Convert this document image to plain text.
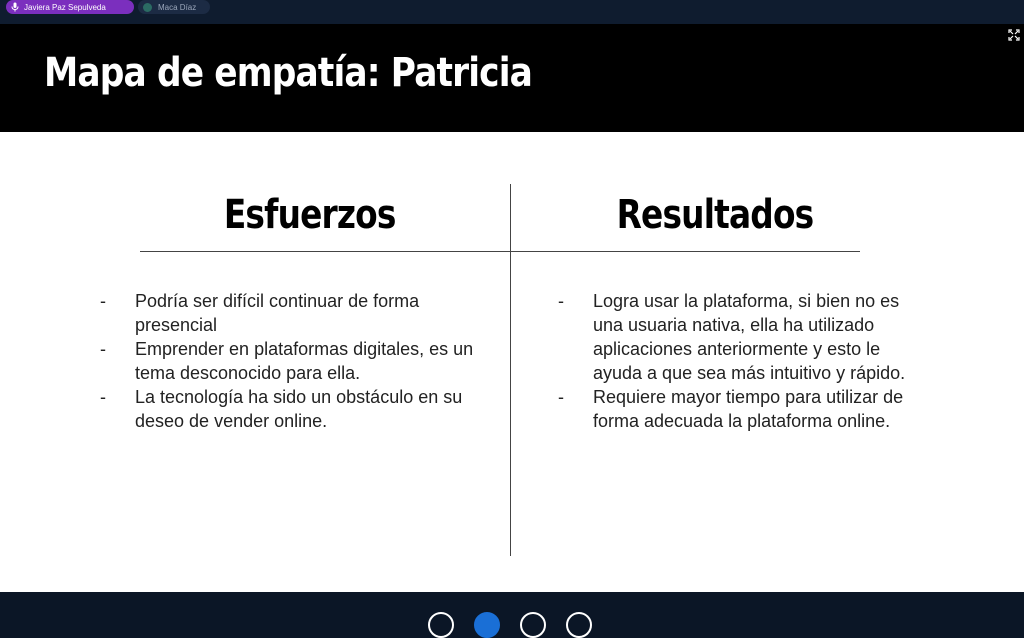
Javiera Paz Sepulveda	Maca Díaz
Mapa de empatía: Patricia
Esfuerzos	Resultados
- Podría ser difícil continuar de forma presencial
- Emprender en plataformas digitales, es un tema desconocido para ella.
- La tecnología ha sido un obstáculo en su deseo de vender online.
- Logra usar la plataforma, si bien no es una usuaria nativa, ella ha utilizado aplicaciones anteriormente y esto le ayuda a que sea más intuitivo y rápido.
- Requiere mayor tiempo para utilizar de forma adecuada la plataforma online.
